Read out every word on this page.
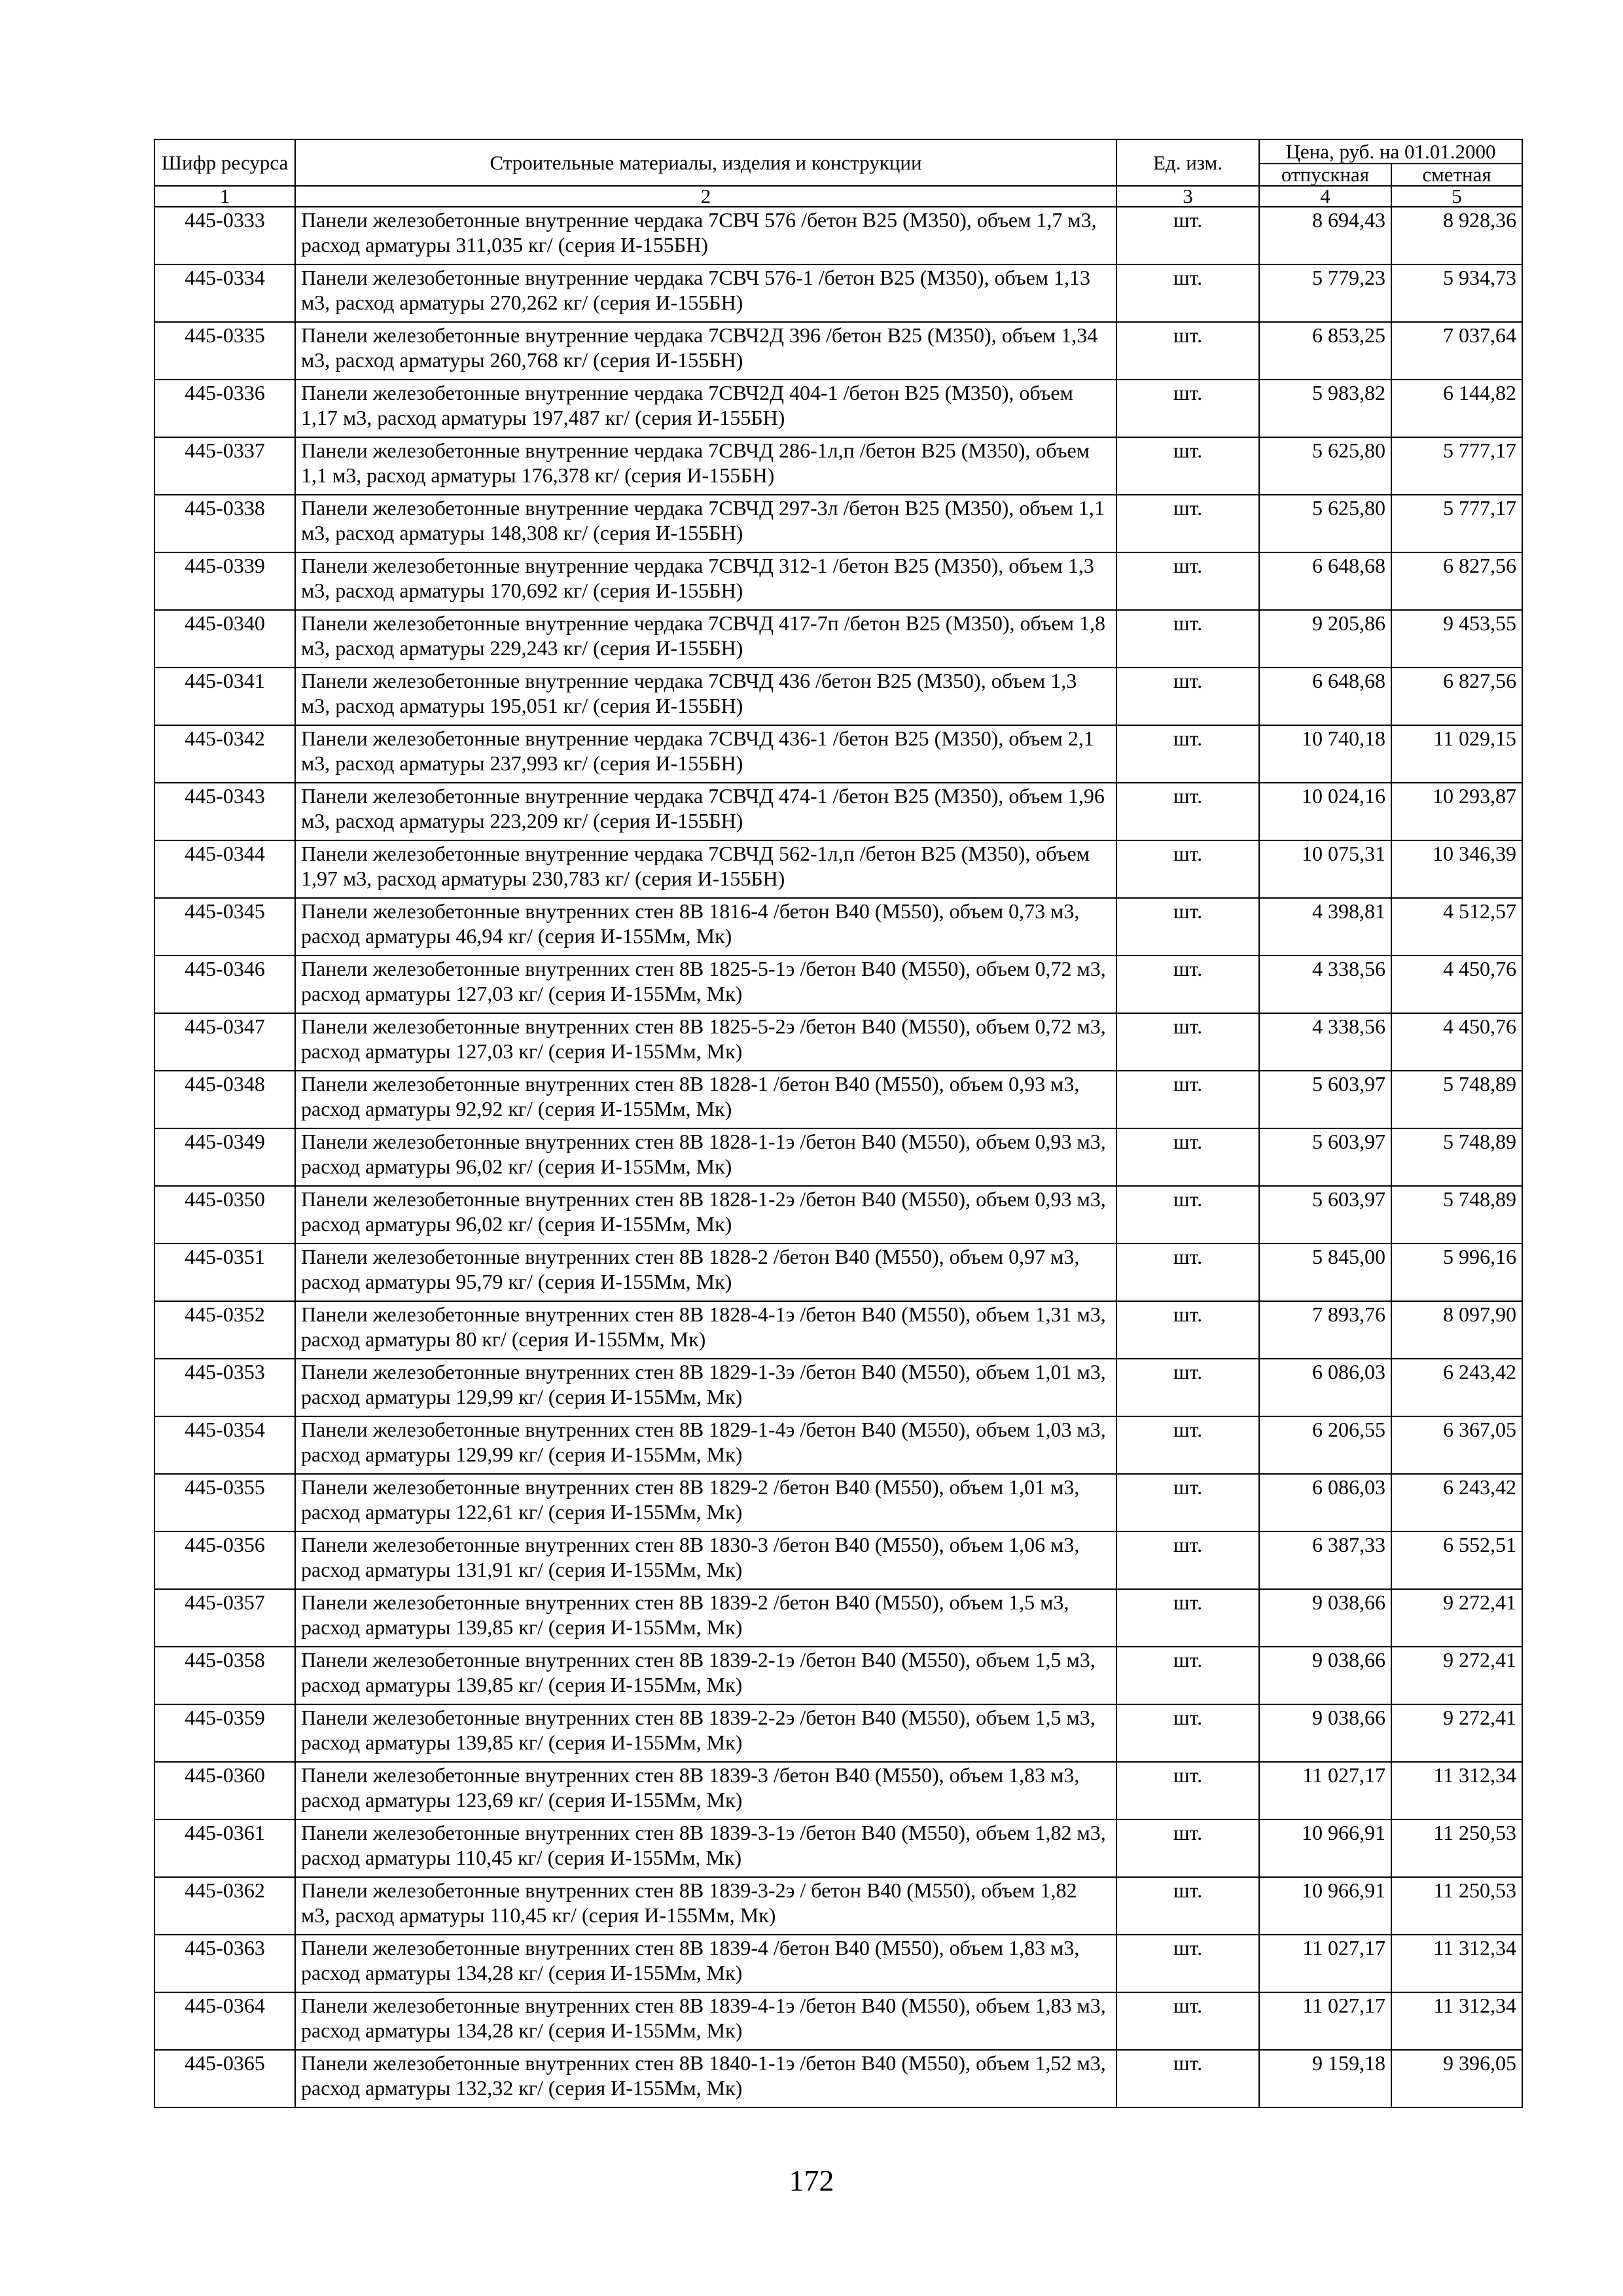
Шифр ресурса	Строительные материалы, изделия и конструкции	Ед. изм.	Цена, руб. на 01.01.2000	
			отпускная	сметная
1	2	3	4	5
445-0333	Панели железобетонные внутренние чердака 7СВЧ 576 /бетон В25 (М350), объем 1,7 м3, расход арматуры 311,035 кг/ (серия И-155БН)	шт.	8 694,43	8 928,36
445-0334	Панели железобетонные внутренние чердака 7СВЧ 576-1 /бетон В25 (М350), объем 1,13 м3, расход арматуры 270,262 кг/ (серия И-155БН)	шт.	5 779,23	5 934,73
445-0335	Панели железобетонные внутренние чердака 7СВЧ2Д 396 /бетон В25 (М350), объем 1,34 м3, расход арматуры 260,768 кг/ (серия И-155БН)	шт.	6 853,25	7 037,64
445-0336	Панели железобетонные внутренние чердака 7СВЧ2Д 404-1 /бетон В25 (М350), объем 1,17 м3, расход арматуры 197,487 кг/ (серия И-155БН)	шт.	5 983,82	6 144,82
445-0337	Панели железобетонные внутренние чердака 7СВЧД 286-1л,п /бетон В25 (М350), объем 1,1 м3, расход арматуры 176,378 кг/ (серия И-155БН)	шт.	5 625,80	5 777,17
445-0338	Панели железобетонные внутренние чердака 7СВЧД 297-3л /бетон В25 (М350), объем 1,1 м3, расход арматуры 148,308 кг/ (серия И-155БН)	шт.	5 625,80	5 777,17
445-0339	Панели железобетонные внутренние чердака 7СВЧД 312-1 /бетон В25 (М350), объем 1,3 м3, расход арматуры 170,692 кг/ (серия И-155БН)	шт.	6 648,68	6 827,56
445-0340	Панели железобетонные внутренние чердака 7СВЧД 417-7п /бетон В25 (М350), объем 1,8 м3, расход арматуры 229,243 кг/ (серия И-155БН)	шт.	9 205,86	9 453,55
445-0341	Панели железобетонные внутренние чердака 7СВЧД 436 /бетон В25 (М350), объем 1,3 м3, расход арматуры 195,051 кг/ (серия И-155БН)	шт.	6 648,68	6 827,56
445-0342	Панели железобетонные внутренние чердака 7СВЧД 436-1 /бетон В25 (М350), объем 2,1 м3, расход арматуры 237,993 кг/ (серия И-155БН)	шт.	10 740,18	11 029,15
445-0343	Панели железобетонные внутренние чердака 7СВЧД 474-1 /бетон В25 (М350), объем 1,96 м3, расход арматуры 223,209 кг/ (серия И-155БН)	шт.	10 024,16	10 293,87
445-0344	Панели железобетонные внутренние чердака 7СВЧД 562-1л,п /бетон В25 (М350), объем 1,97 м3, расход арматуры 230,783 кг/ (серия И-155БН)	шт.	10 075,31	10 346,39
445-0345	Панели железобетонные внутренних стен 8В 1816-4 /бетон В40 (М550), объем 0,73 м3, расход арматуры 46,94 кг/ (серия И-155Мм, Мк)	шт.	4 398,81	4 512,57
445-0346	Панели железобетонные внутренних стен 8В 1825-5-1э /бетон В40 (М550), объем 0,72 м3, расход арматуры 127,03 кг/ (серия И-155Мм, Мк)	шт.	4 338,56	4 450,76
445-0347	Панели железобетонные внутренних стен 8В 1825-5-2э /бетон В40 (М550), объем 0,72 м3, расход арматуры 127,03 кг/ (серия И-155Мм, Мк)	шт.	4 338,56	4 450,76
445-0348	Панели железобетонные внутренних стен 8В 1828-1 /бетон В40 (М550), объем 0,93 м3, расход арматуры 92,92 кг/ (серия И-155Мм, Мк)	шт.	5 603,97	5 748,89
445-0349	Панели железобетонные внутренних стен 8В 1828-1-1э /бетон В40 (М550), объем 0,93 м3, расход арматуры 96,02 кг/ (серия И-155Мм, Мк)	шт.	5 603,97	5 748,89
445-0350	Панели железобетонные внутренних стен 8В 1828-1-2э /бетон В40 (М550), объем 0,93 м3, расход арматуры 96,02 кг/ (серия И-155Мм, Мк)	шт.	5 603,97	5 748,89
445-0351	Панели железобетонные внутренних стен 8В 1828-2 /бетон В40 (М550), объем 0,97 м3, расход арматуры 95,79 кг/ (серия И-155Мм, Мк)	шт.	5 845,00	5 996,16
445-0352	Панели железобетонные внутренних стен 8В 1828-4-1э /бетон В40 (М550), объем 1,31 м3, расход арматуры 80 кг/ (серия И-155Мм, Мк)	шт.	7 893,76	8 097,90
445-0353	Панели железобетонные внутренних стен 8В 1829-1-3э /бетон В40 (М550), объем 1,01 м3, расход арматуры 129,99 кг/ (серия И-155Мм, Мк)	шт.	6 086,03	6 243,42
445-0354	Панели железобетонные внутренних стен 8В 1829-1-4э /бетон В40 (М550), объем 1,03 м3, расход арматуры 129,99 кг/ (серия И-155Мм, Мк)	шт.	6 206,55	6 367,05
445-0355	Панели железобетонные внутренних стен 8В 1829-2 /бетон В40 (М550), объем 1,01 м3, расход арматуры 122,61 кг/ (серия И-155Мм, Мк)	шт.	6 086,03	6 243,42
445-0356	Панели железобетонные внутренних стен 8В 1830-3 /бетон В40 (М550), объем 1,06 м3, расход арматуры 131,91 кг/ (серия И-155Мм, Мк)	шт.	6 387,33	6 552,51
445-0357	Панели железобетонные внутренних стен 8В 1839-2 /бетон В40 (М550), объем 1,5 м3, расход арматуры 139,85 кг/ (серия И-155Мм, Мк)	шт.	9 038,66	9 272,41
445-0358	Панели железобетонные внутренних стен 8В 1839-2-1э /бетон В40 (М550), объем 1,5 м3, расход арматуры 139,85 кг/ (серия И-155Мм, Мк)	шт.	9 038,66	9 272,41
445-0359	Панели железобетонные внутренних стен 8В 1839-2-2э /бетон В40 (М550), объем 1,5 м3, расход арматуры 139,85 кг/ (серия И-155Мм, Мк)	шт.	9 038,66	9 272,41
445-0360	Панели железобетонные внутренних стен 8В 1839-3 /бетон В40 (М550), объем 1,83 м3, расход арматуры 123,69 кг/ (серия И-155Мм, Мк)	шт.	11 027,17	11 312,34
445-0361	Панели железобетонные внутренних стен 8В 1839-3-1э /бетон В40 (М550), объем 1,82 м3, расход арматуры 110,45 кг/ (серия И-155Мм, Мк)	шт.	10 966,91	11 250,53
445-0362	Панели железобетонные внутренних стен 8В 1839-3-2э / бетон В40 (М550), объем 1,82 м3, расход арматуры 110,45 кг/ (серия И-155Мм, Мк)	шт.	10 966,91	11 250,53
445-0363	Панели железобетонные внутренних стен 8В 1839-4 /бетон В40 (М550), объем 1,83 м3, расход арматуры 134,28 кг/ (серия И-155Мм, Мк)	шт.	11 027,17	11 312,34
445-0364	Панели железобетонные внутренних стен 8В 1839-4-1э /бетон В40 (М550), объем 1,83 м3, расход арматуры 134,28 кг/ (серия И-155Мм, Мк)	шт.	11 027,17	11 312,34
445-0365	Панели железобетонные внутренних стен 8В 1840-1-1э /бетон В40 (М550), объем 1,52 м3, расход арматуры 132,32 кг/ (серия И-155Мм, Мк)	шт.	9 159,18	9 396,05
172
